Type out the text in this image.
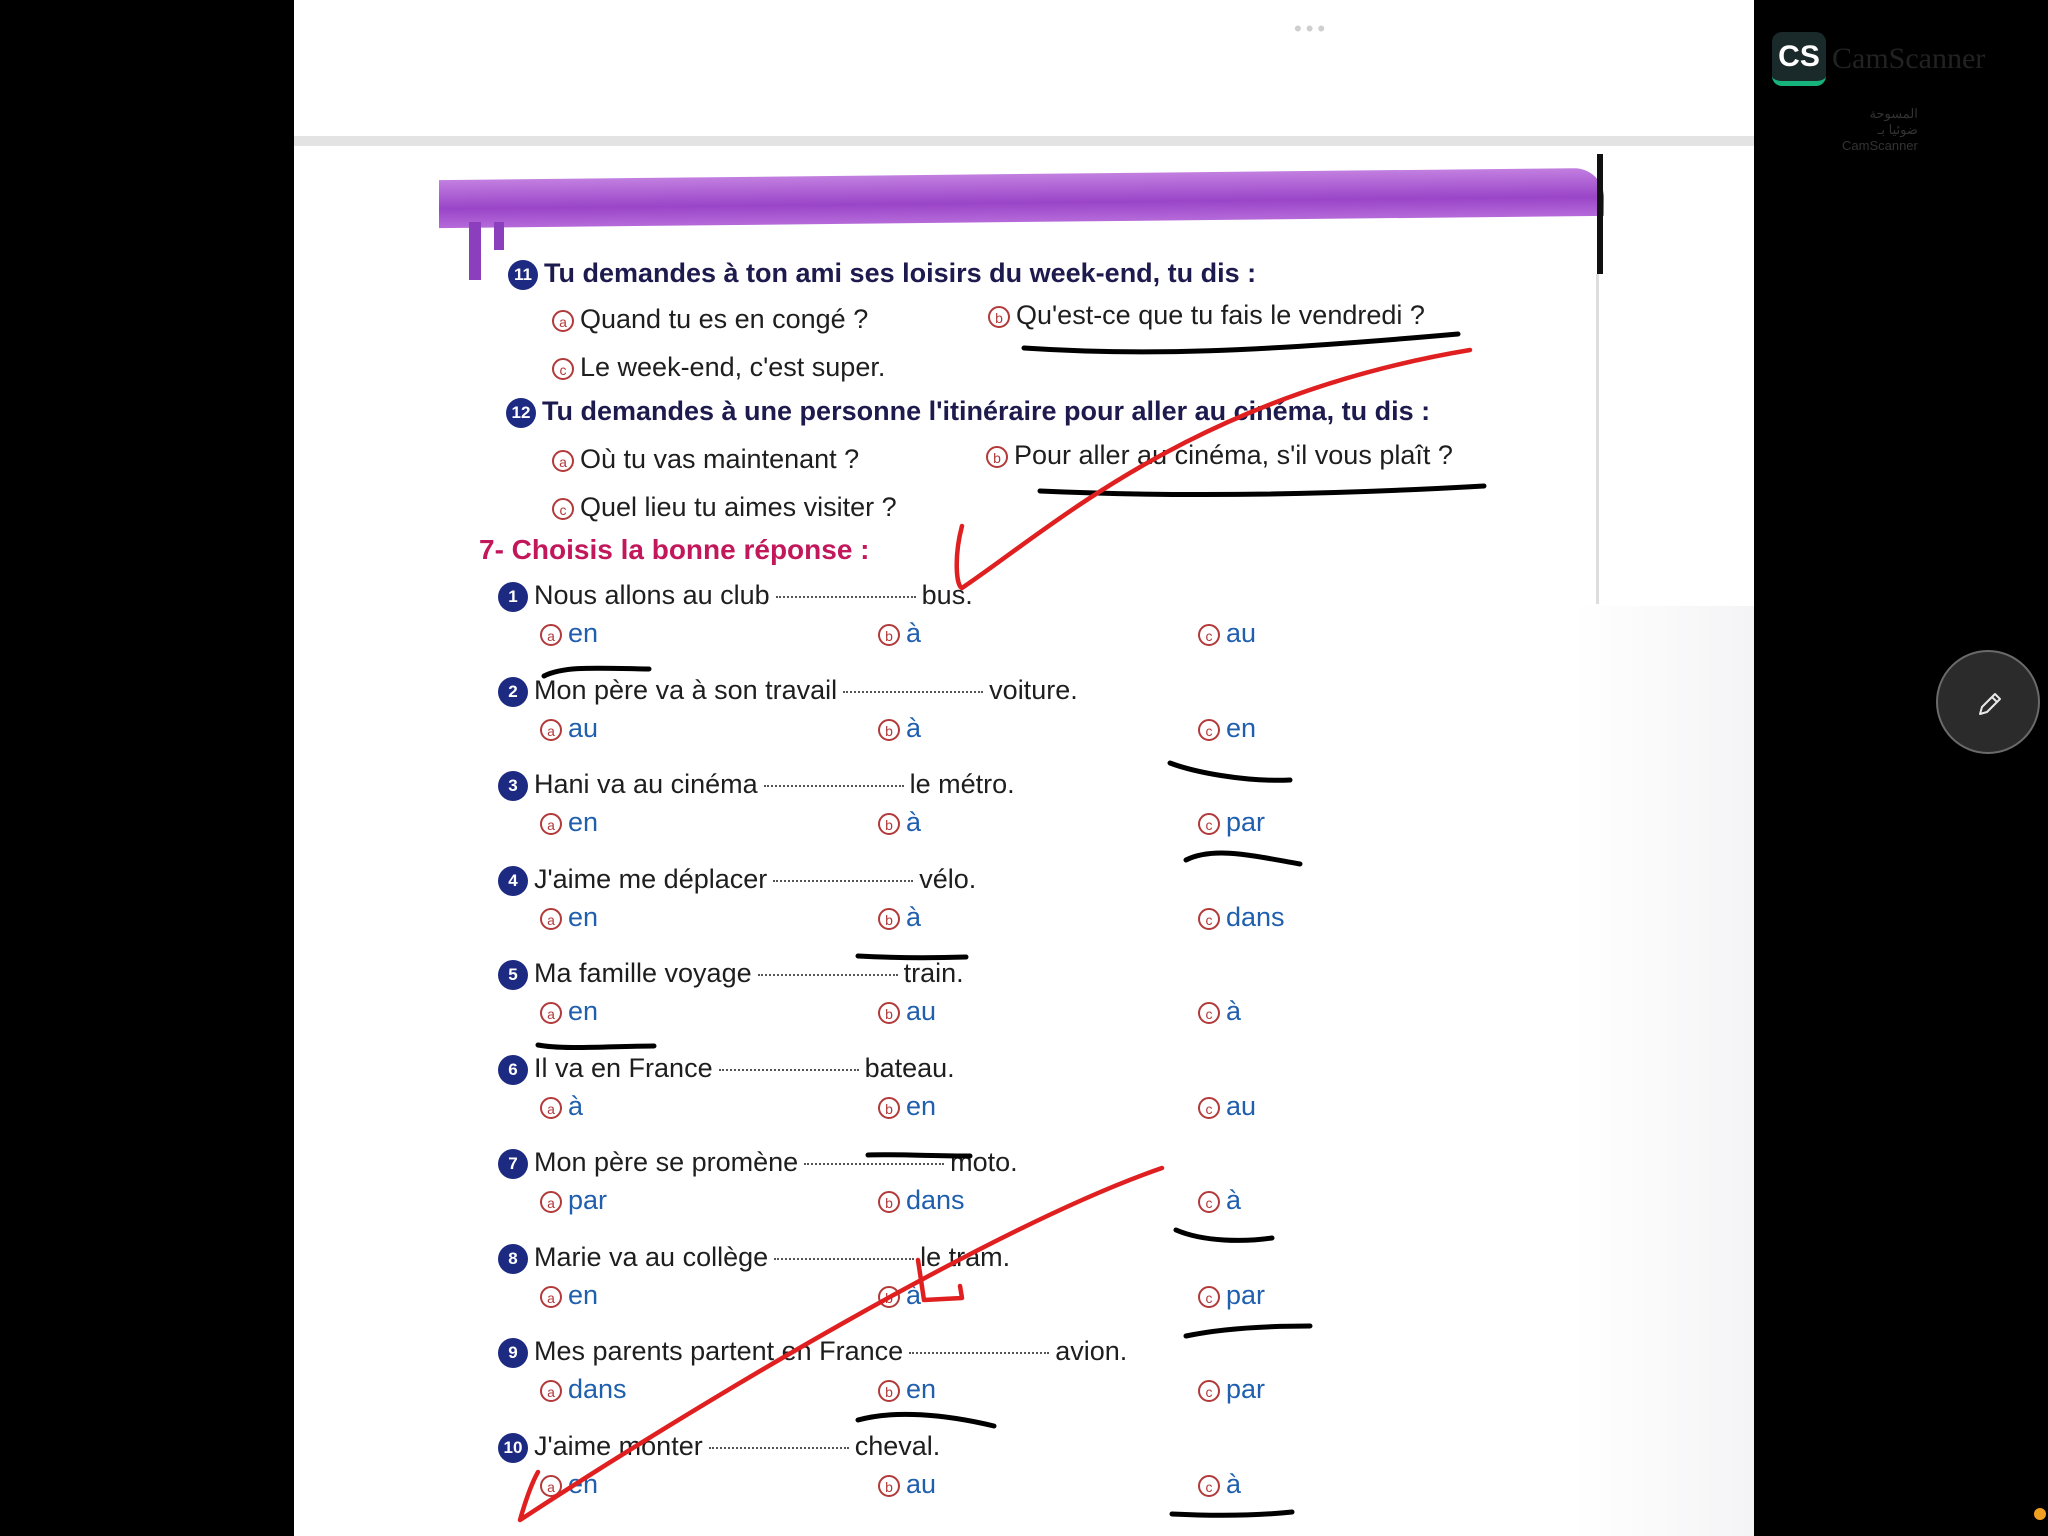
•••
CS CamScanner
المسوحة ضوئيا بـ CamScanner
11 Tu demandes à ton ami ses loisirs du week-end, tu dis :
a Quand tu es en congé ?	b Qu'est-ce que tu fais le vendredi ?
c Le week-end, c'est super.
12 Tu demandes à une personne l'itinéraire pour aller au cinéma, tu dis :
a Où tu vas maintenant ?	b Pour aller au cinéma, s'il vous plaît ?
c Quel lieu tu aimes visiter ?
7- Choisis la bonne réponse :
1 Nous allons au club	bus.
a en	b à	c au
2 Mon père va à son travail	voiture.
a au	b à	c en
3 Hani va au cinéma	le métro.
a en	b à	c par
4 J'aime me déplacer	vélo.
a en	b à	c dans
5 Ma famille voyage	train.
a en	b au	c à
6 Il va en France	bateau.
a à	b en	c au
7 Mon père se promène	moto.
a par	b dans	c à
8 Marie va au collège	le tram.
a en	b à	c par
9 Mes parents partent en France	avion.
a dans	b en	c par
10 J'aime monter	cheval.
a en	b au	c à
